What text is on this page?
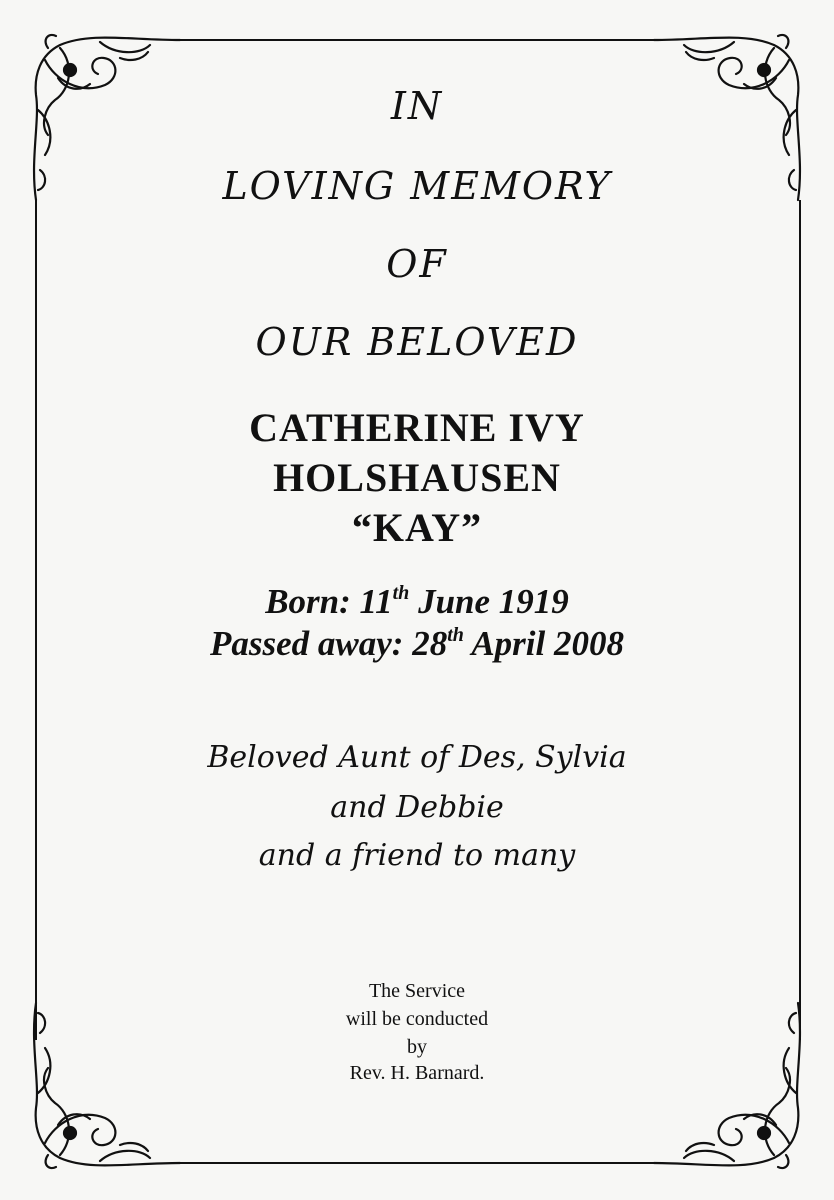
IN
LOVING MEMORY
OF
OUR BELOVED
CATHERINE IVY
HOLSHAUSEN
“KAY”
Born: 11th June 1919
Passed away: 28th April 2008
Beloved Aunt of Des, Sylvia
and Debbie
and a friend to many
The Service
will be conducted
by
Rev. H. Barnard.
